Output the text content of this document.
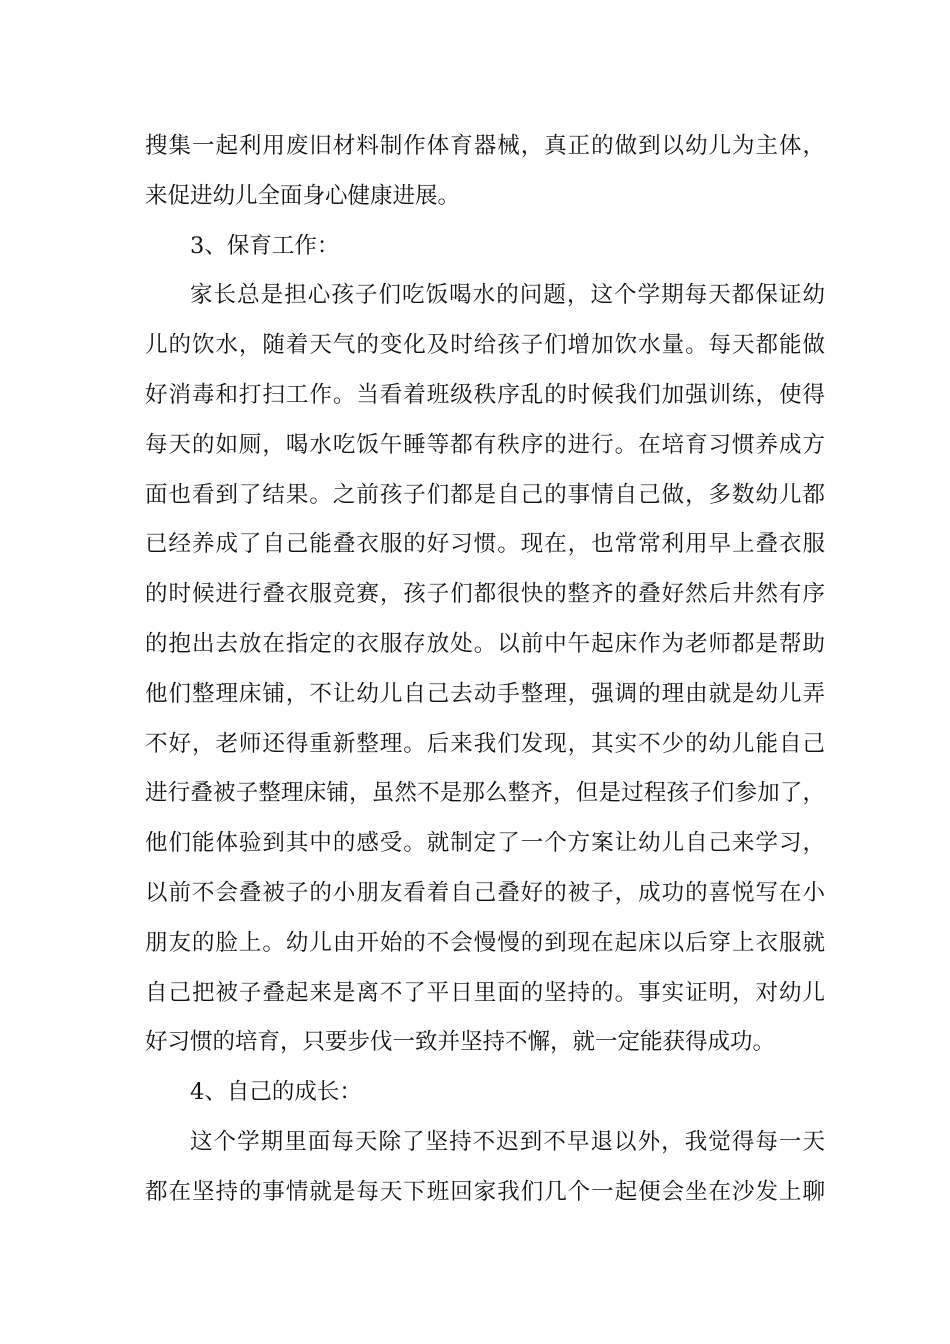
搜集一起利用废旧材料制作体育器械，真正的做到以幼儿为主体，
来促进幼儿全面身心健康进展。
3、保育工作：
家长总是担心孩子们吃饭喝水的问题，这个学期每天都保证幼
儿的饮水，随着天气的变化及时给孩子们增加饮水量。每天都能做
好消毒和打扫工作。当看着班级秩序乱的时候我们加强训练，使得
每天的如厕，喝水吃饭午睡等都有秩序的进行。在培育习惯养成方
面也看到了结果。之前孩子们都是自己的事情自己做，多数幼儿都
已经养成了自己能叠衣服的好习惯。现在，也常常利用早上叠衣服
的时候进行叠衣服竞赛，孩子们都很快的整齐的叠好然后井然有序
的抱出去放在指定的衣服存放处。以前中午起床作为老师都是帮助
他们整理床铺，不让幼儿自己去动手整理，强调的理由就是幼儿弄
不好，老师还得重新整理。后来我们发现，其实不少的幼儿能自己
进行叠被子整理床铺，虽然不是那么整齐，但是过程孩子们参加了，
他们能体验到其中的感受。就制定了一个方案让幼儿自己来学习，
以前不会叠被子的小朋友看着自己叠好的被子，成功的喜悦写在小
朋友的脸上。幼儿由开始的不会慢慢的到现在起床以后穿上衣服就
自己把被子叠起来是离不了平日里面的坚持的。事实证明，对幼儿
好习惯的培育，只要步伐一致并坚持不懈，就一定能获得成功。
4、自己的成长：
这个学期里面每天除了坚持不迟到不早退以外，我觉得每一天
都在坚持的事情就是每天下班回家我们几个一起便会坐在沙发上聊
